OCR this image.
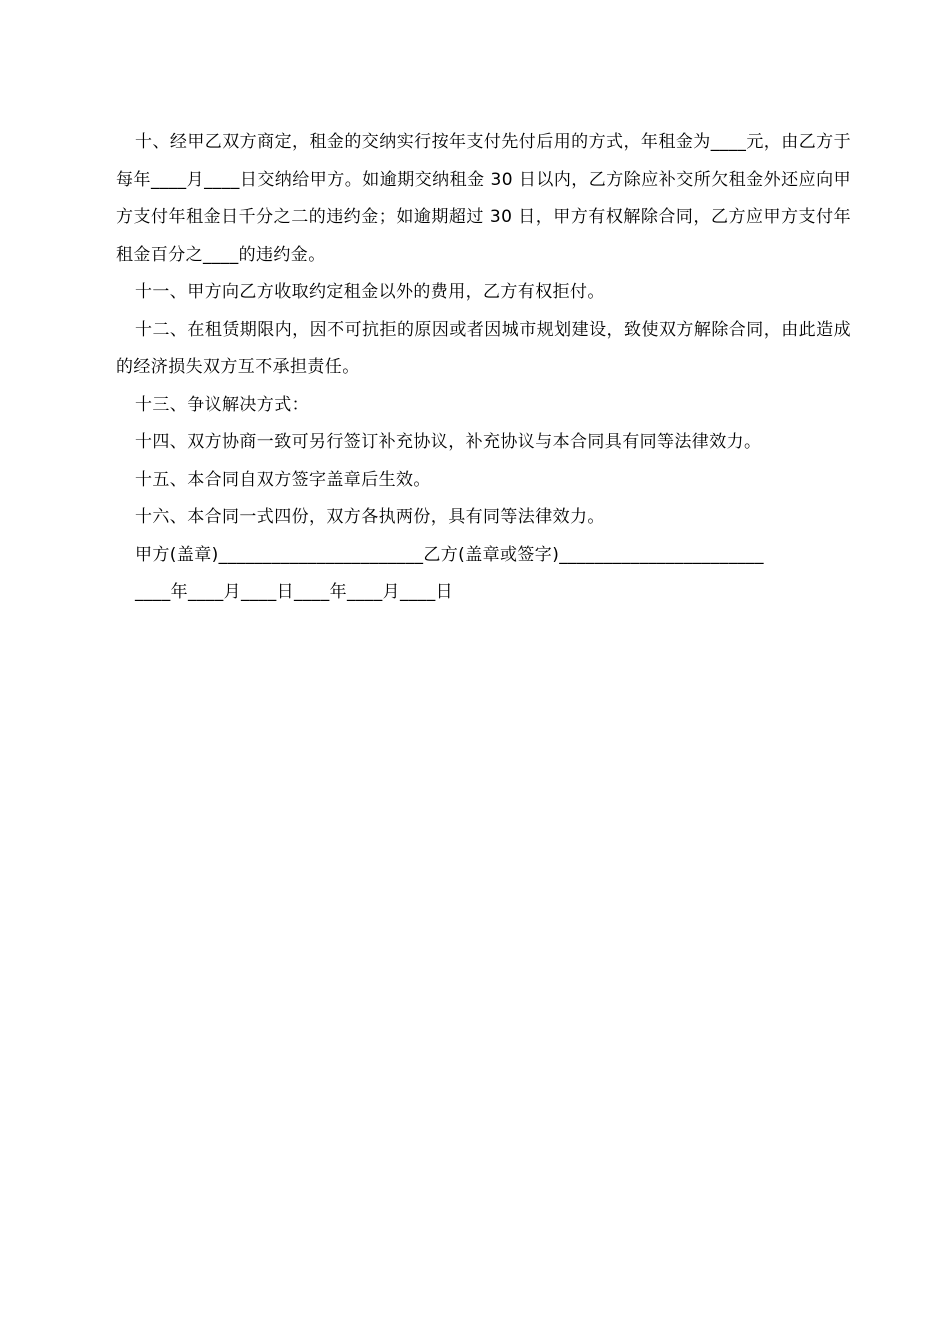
十、经甲乙双方商定，租金的交纳实行按年支付先付后用的方式，年租金为____元，由乙方于每年____月____日交纳给甲方。如逾期交纳租金 30 日以内，乙方除应补交所欠租金外还应向甲方支付年租金日千分之二的违约金；如逾期超过 30 日，甲方有权解除合同，乙方应甲方支付年租金百分之____的违约金。

十一、甲方向乙方收取约定租金以外的费用，乙方有权拒付。

十二、在租赁期限内，因不可抗拒的原因或者因城市规划建设，致使双方解除合同，由此造成的经济损失双方互不承担责任。

十三、争议解决方式：

十四、双方协商一致可另行签订补充协议，补充协议与本合同具有同等法律效力。

十五、本合同自双方签字盖章后生效。

十六、本合同一式四份，双方各执两份，具有同等法律效力。

甲方(盖章)_______________________乙方(盖章或签字)_______________________

____年____月____日____年____月____日
